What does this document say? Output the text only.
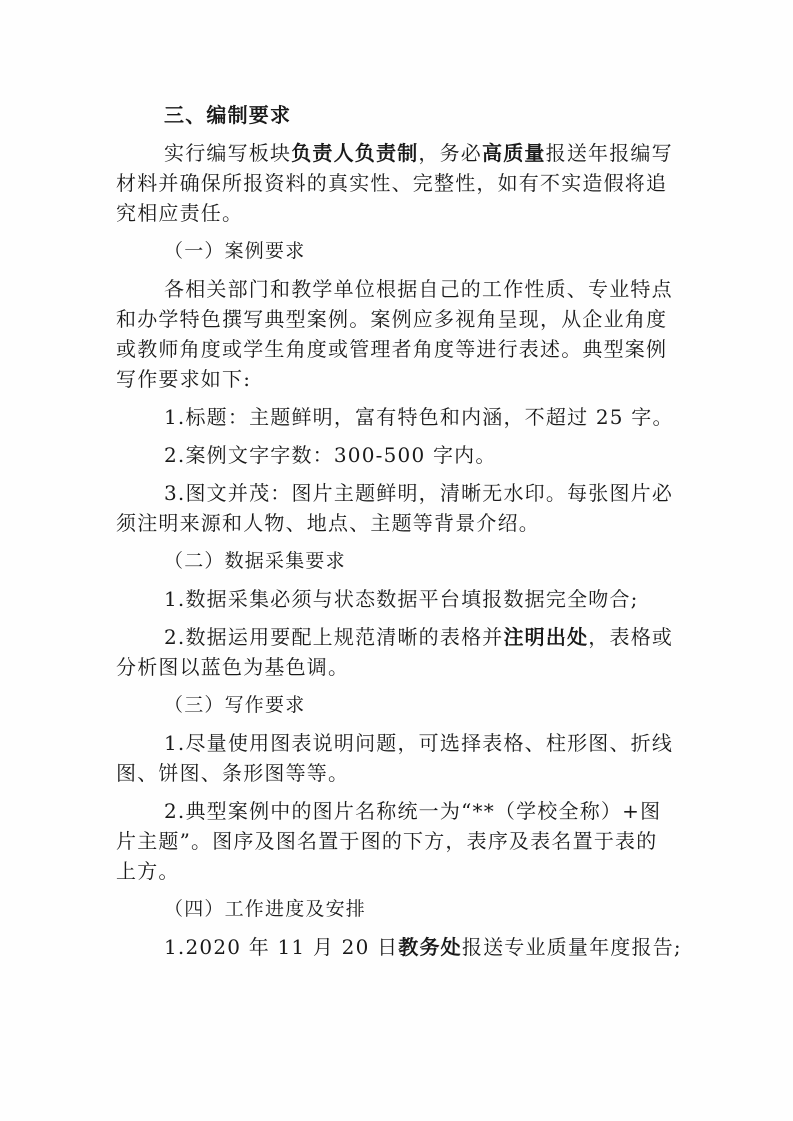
三、编制要求

实行编写板块负责人负责制，务必高质量报送年报编写

材料并确保所报资料的真实性、完整性，如有不实造假将追

究相应责任。

（一）案例要求

各相关部门和教学单位根据自己的工作性质、专业特点

和办学特色撰写典型案例。案例应多视角呈现，从企业角度

或教师角度或学生角度或管理者角度等进行表述。典型案例

写作要求如下:

1.标题：主题鲜明，富有特色和内涵，不超过 25 字。

2.案例文字字数：300-500 字内。

3.图文并茂：图片主题鲜明，清晰无水印。每张图片必

须注明来源和人物、地点、主题等背景介绍。

（二）数据采集要求

1.数据采集必须与状态数据平台填报数据完全吻合;

2.数据运用要配上规范清晰的表格并注明出处，表格或

分析图以蓝色为基色调。

（三）写作要求

1.尽量使用图表说明问题，可选择表格、柱形图、折线

图、饼图、条形图等等。

2.典型案例中的图片名称统一为“**（学校全称）+图

片主题”。图序及图名置于图的下方，表序及表名置于表的

上方。

（四）工作进度及安排

1.2020 年 11 月 20 日教务处报送专业质量年度报告;
